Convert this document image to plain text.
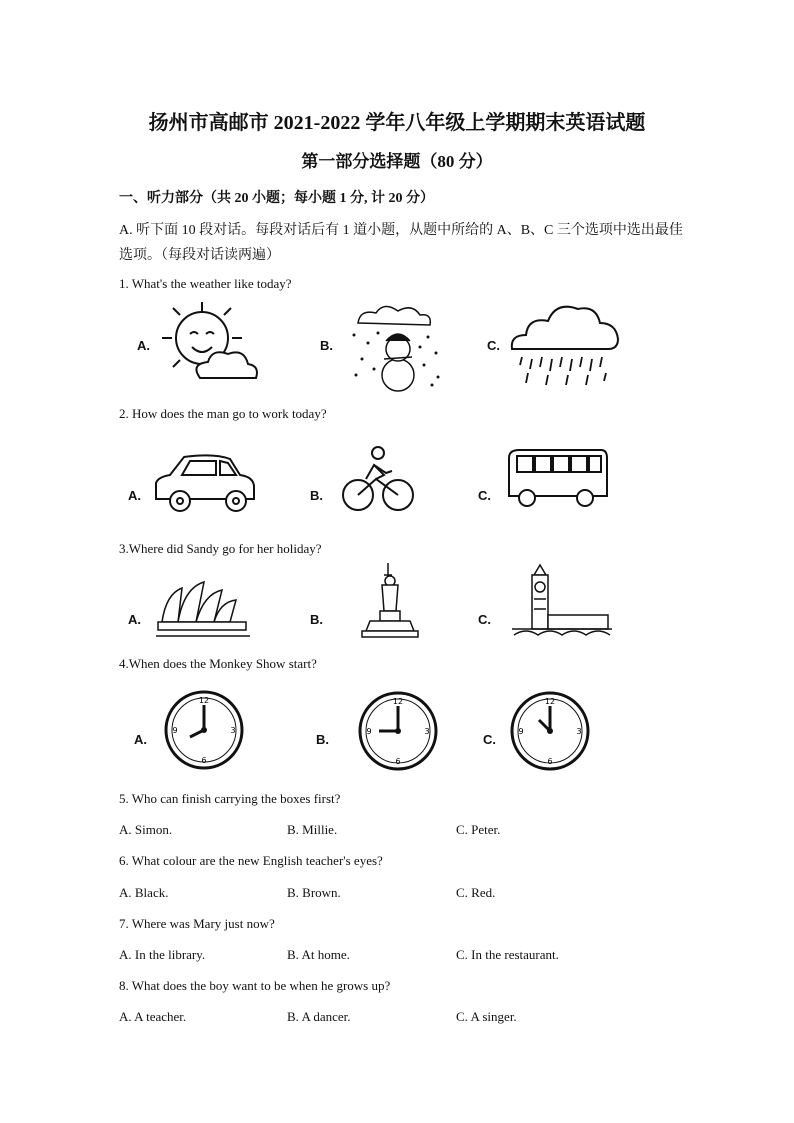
扬州市高邮市 2021-2022 学年八年级上学期期末英语试题
第一部分选择题（80 分）
一、听力部分（共 20 小题；每小题 1 分, 计 20 分）
A. 听下面 10 段对话。每段对话后有 1 道小题，从题中所给的 A、B、C 三个选项中选出最佳选项。（每段对话读两遍）
1. What's the weather like today?
A.	B.	C.
2. How does the man go to work today?
A.	B.	C.
3.Where did Sandy go for her holiday?
A.	B.	C.
4.When does the Monkey Show start?
A.	B.	C.
12
3
6
9
12
3
6
9
12
3
6
9
5. Who can finish carrying the boxes first?
A. Simon.	B. Millie.	C. Peter.
6. What colour are the new English teacher's eyes?
A. Black.	B. Brown.	C. Red.
7. Where was Mary just now?
A. In the library.	B. At home.	C. In the restaurant.
8. What does the boy want to be when he grows up?
A. A teacher.	B. A dancer.	C. A singer.
